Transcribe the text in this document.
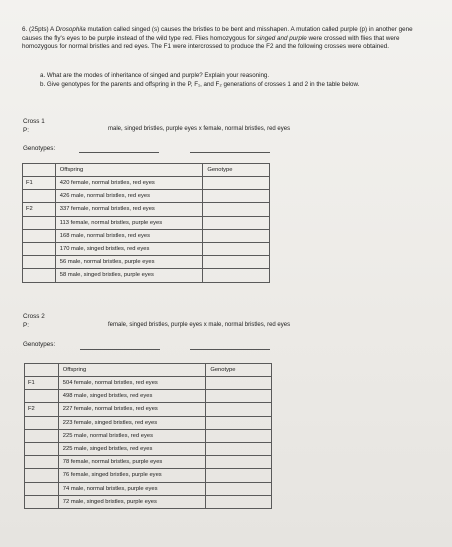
6. (25pts) A Drosophila mutation called singed (s) causes the bristles to be bent and misshapen. A mutation called purple (p) in another gene causes the fly's eyes to be purple instead of the wild type red. Flies homozygous for singed and purple were crossed with flies that were homozygous for normal bristles and red eyes. The F1 were intercrossed to produce the F2 and the following crosses were obtained.
a. What are the modes of inheritance of singed and purple? Explain your reasoning.
b. Give genotypes for the parents and offspring in the P, F₁, and F₂ generations of crosses 1 and 2 in the table below.
Cross 1
P:	male, singed bristles, purple eyes x female, normal bristles, red eyes
Genotypes:
	Offspring	Genotype
F1	420 female, normal bristles, red eyes	
	426 male, normal bristles, red eyes	
F2	337 female, normal bristles, red eyes	
	113 female, normal bristles, purple eyes	
	168 male, normal bristles, red eyes	
	170 male, singed bristles, red eyes	
	56 male, normal bristles, purple eyes	
	58 male, singed bristles, purple eyes	
Cross 2
P:	female, singed bristles, purple eyes x male, normal bristles, red eyes
Genotypes:
	Offspring	Genotype
F1	504 female, normal bristles, red eyes	
	498 male, singed bristles, red eyes	
F2	227 female, normal bristles, red eyes	
	223 female, singed bristles, red eyes	
	225 male, normal bristles, red eyes	
	225 male, singed bristles, red eyes	
	78 female, normal bristles, purple eyes	
	76 female, singed bristles, purple eyes	
	74 male, normal bristles, purple eyes	
	72 male, singed bristles, purple eyes	
